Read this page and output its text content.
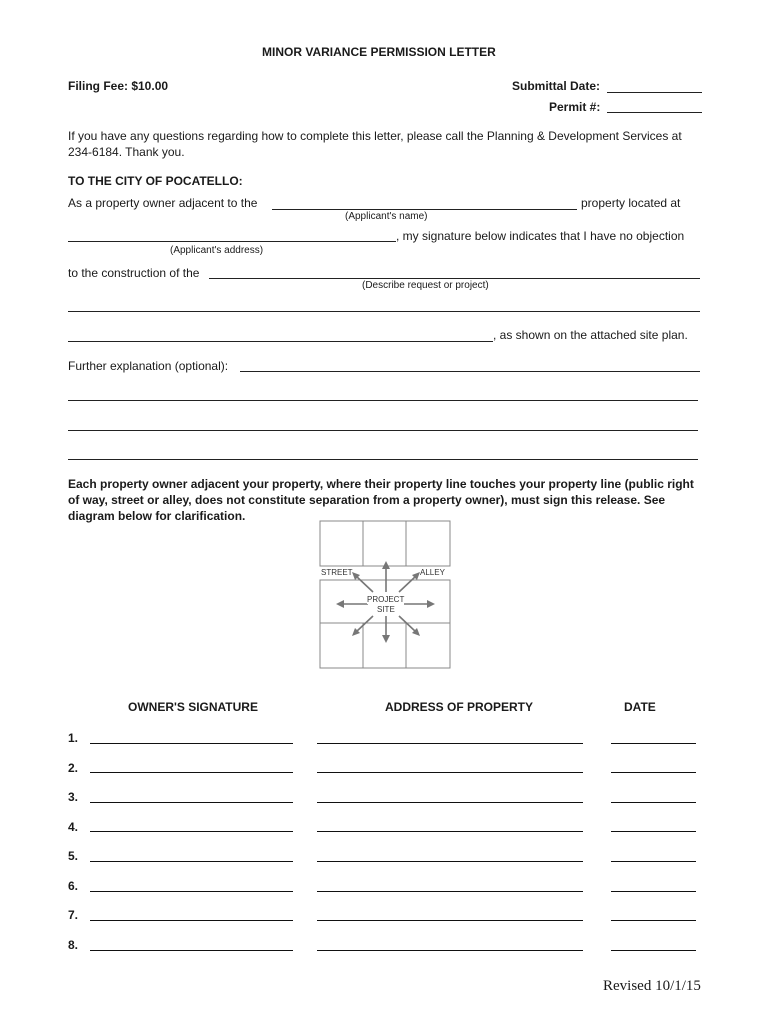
MINOR VARIANCE PERMISSION LETTER
Filing Fee: $10.00	Submittal Date:
Permit #:
If you have any questions regarding how to complete this letter, please call the Planning & Development Services at 234-6184. Thank you.
TO THE CITY OF POCATELLO:
As a property owner adjacent to the	property located at
(Applicant's name)
, my signature below indicates that I have no objection
(Applicant's address)
to the construction of the
(Describe request or project)
, as shown on the attached site plan.
Further explanation (optional):
Each property owner adjacent your property, where their property line touches your property line (public right of way, street or alley, does not constitute separation from a property owner), must sign this release. See diagram below for clarification.
STREET	ALLEY
PROJECT
SITE
OWNER'S SIGNATURE	ADDRESS OF PROPERTY	DATE
1.
2.
3.
4.
5.
6.
7.
8.
Revised 10/1/15
